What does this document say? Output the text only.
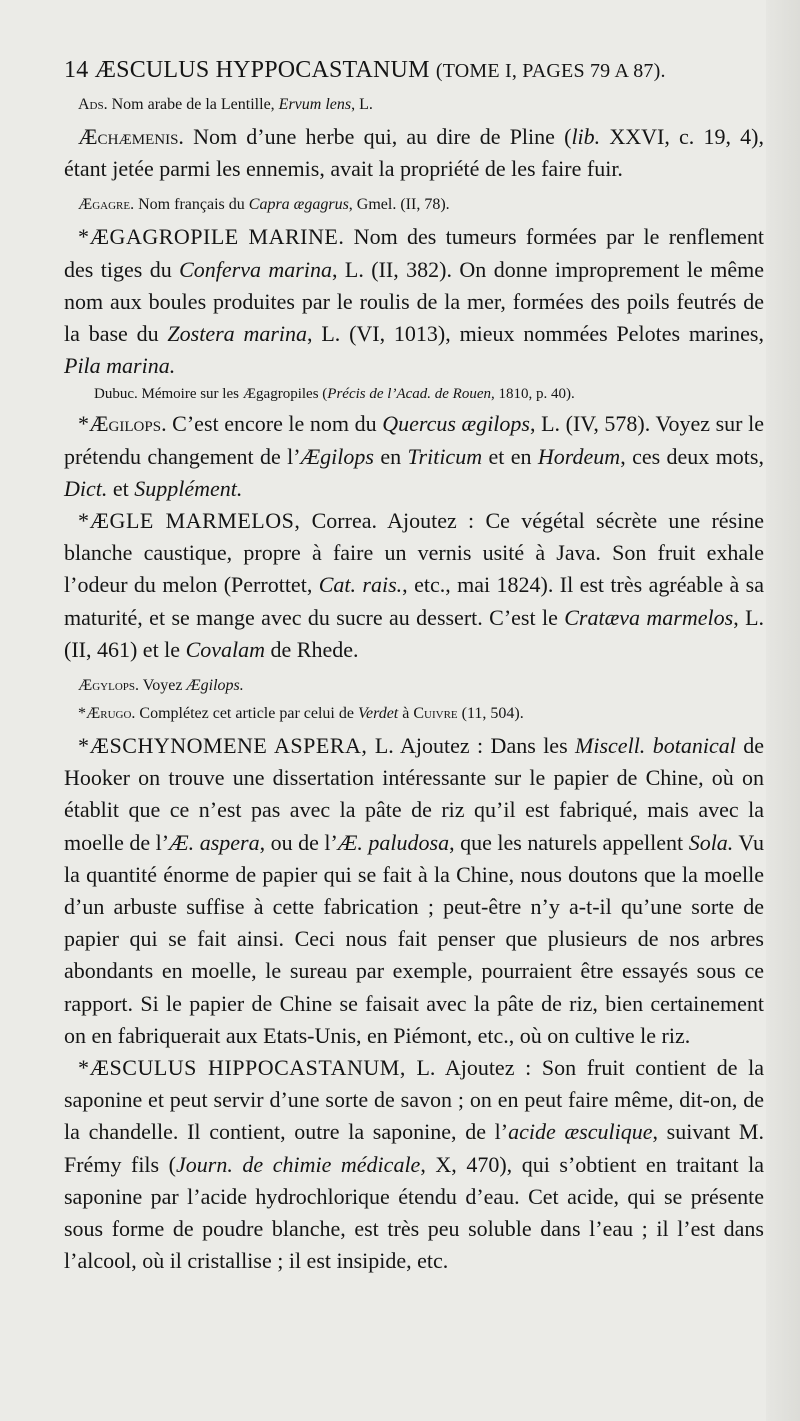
14 ÆSCULUS HYPPOCASTANUM (TOME I, PAGES 79 A 87).

Ads. Nom arabe de la Lentille, Ervum lens, L.

Æchæmenis. Nom d’une herbe qui, au dire de Pline (lib. XXVI, c. 19, 4), étant jetée parmi les ennemis, avait la propriété de les faire fuir.

Ægagre. Nom français du Capra ægagrus, Gmel. (II, 78).

*ÆGAGROPILE MARINE. Nom des tumeurs formées par le renflement des tiges du Conferva marina, L. (II, 382). On donne improprement le même nom aux boules produites par le roulis de la mer, formées des poils feutrés de la base du Zostera marina, L. (VI, 1013), mieux nommées Pelotes marines, Pila marina.

Dubuc. Mémoire sur les Ægagropiles (Précis de l’Acad. de Rouen, 1810, p. 40).

*Ægilops. C’est encore le nom du Quercus ægilops, L. (IV, 578). Voyez sur le prétendu changement de l’Ægilops en Triticum et en Hordeum, ces deux mots, Dict. et Supplément.

*ÆGLE MARMELOS, Correa. Ajoutez : Ce végétal sécrète une résine blanche caustique, propre à faire un vernis usité à Java. Son fruit exhale l’odeur du melon (Perrottet, Cat. rais., etc., mai 1824). Il est très agréable à sa maturité, et se mange avec du sucre au dessert. C’est le Cratæva marmelos, L. (II, 461) et le Covalam de Rhede.

Ægylops. Voyez Ægilops.

*Ærugo. Complétez cet article par celui de Verdet à Cuivre (11, 504).

*ÆSCHYNOMENE ASPERA, L. Ajoutez : Dans les Miscell. botanical de Hooker on trouve une dissertation intéressante sur le papier de Chine, où on établit que ce n’est pas avec la pâte de riz qu’il est fabriqué, mais avec la moelle de l’Æ. aspera, ou de l’Æ. paludosa, que les naturels appellent Sola. Vu la quantité énorme de papier qui se fait à la Chine, nous doutons que la moelle d’un arbuste suffise à cette fabrication ; peut-être n’y a-t-il qu’une sorte de papier qui se fait ainsi. Ceci nous fait penser que plusieurs de nos arbres abondants en moelle, le sureau par exemple, pourraient être essayés sous ce rapport. Si le papier de Chine se faisait avec la pâte de riz, bien certainement on en fabriquerait aux Etats-Unis, en Piémont, etc., où on cultive le riz.

*ÆSCULUS HIPPOCASTANUM, L. Ajoutez : Son fruit contient de la saponine et peut servir d’une sorte de savon ; on en peut faire même, dit-on, de la chandelle. Il contient, outre la saponine, de l’acide æsculique, suivant M. Frémy fils (Journ. de chimie médicale, X, 470), qui s’obtient en traitant la saponine par l’acide hydrochlorique étendu d’eau. Cet acide, qui se présente sous forme de poudre blanche, est très peu soluble dans l’eau ; il l’est dans l’alcool, où il cristallise ; il est insipide, etc.
